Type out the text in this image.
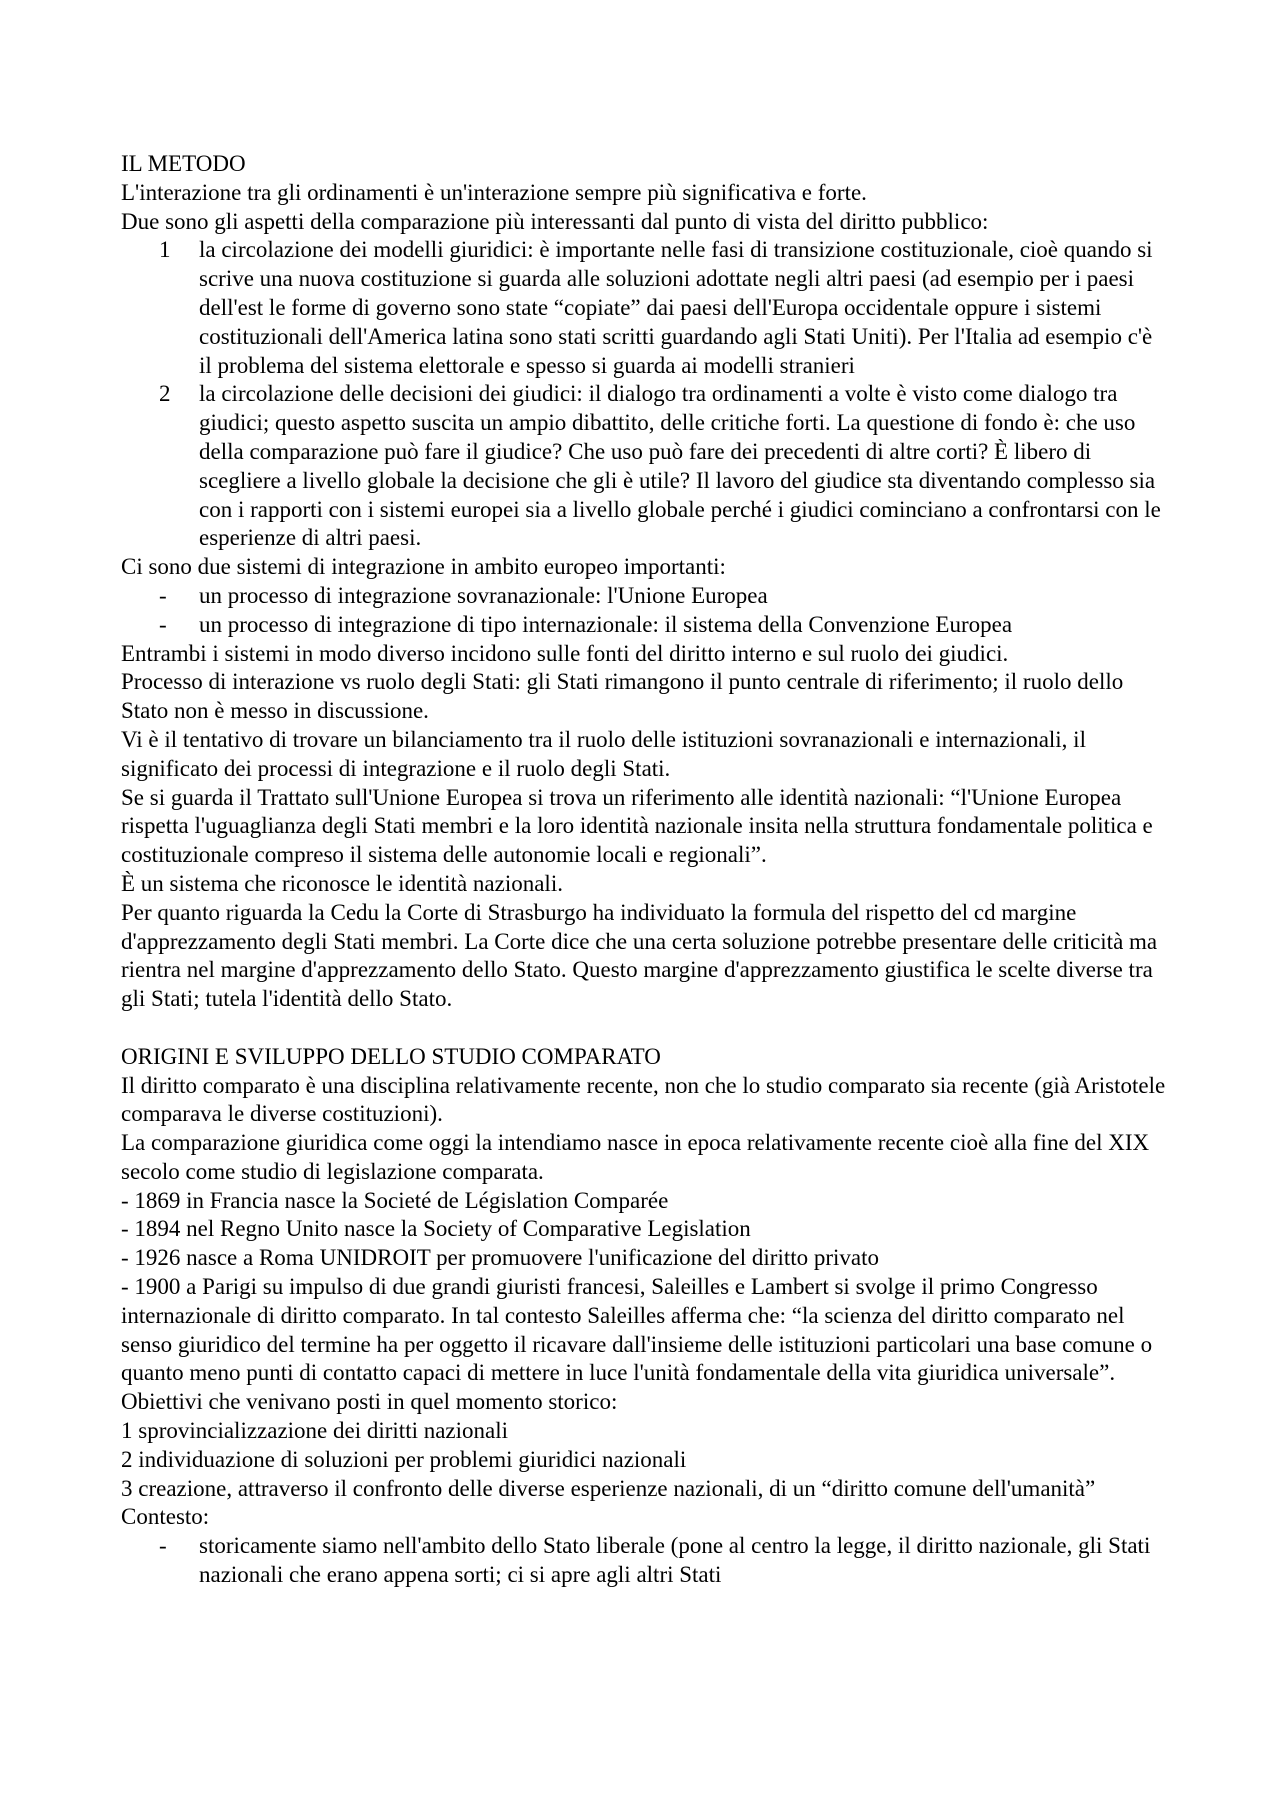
IL METODO

L'interazione tra gli ordinamenti è un'interazione sempre più significativa e forte.

Due sono gli aspetti della comparazione più interessanti dal punto di vista del diritto pubblico:

1 la circolazione dei modelli giuridici: è importante nelle fasi di transizione costituzionale, cioè quando si scrive una nuova costituzione si guarda alle soluzioni adottate negli altri paesi (ad esempio per i paesi dell'est le forme di governo sono state “copiate” dai paesi dell'Europa occidentale oppure i sistemi costituzionali dell'America latina sono stati scritti guardando agli Stati Uniti). Per l'Italia ad esempio c'è il problema del sistema elettorale e spesso si guarda ai modelli stranieri
2 la circolazione delle decisioni dei giudici: il dialogo tra ordinamenti a volte è visto come dialogo tra giudici; questo aspetto suscita un ampio dibattito, delle critiche forti. La questione di fondo è: che uso della comparazione può fare il giudice? Che uso può fare dei precedenti di altre corti? È libero di scegliere a livello globale la decisione che gli è utile? Il lavoro del giudice sta diventando complesso sia con i rapporti con i sistemi europei sia a livello globale perché i giudici cominciano a confrontarsi con le esperienze di altri paesi.

Ci sono due sistemi di integrazione in ambito europeo importanti:

- un processo di integrazione sovranazionale: l'Unione Europea
- un processo di integrazione di tipo internazionale: il sistema della Convenzione Europea

Entrambi i sistemi in modo diverso incidono sulle fonti del diritto interno e sul ruolo dei giudici.

Processo di interazione vs ruolo degli Stati: gli Stati rimangono il punto centrale di riferimento; il ruolo dello Stato non è messo in discussione.

Vi è il tentativo di trovare un bilanciamento tra il ruolo delle istituzioni sovranazionali e internazionali, il significato dei processi di integrazione e il ruolo degli Stati.

Se si guarda il Trattato sull'Unione Europea si trova un riferimento alle identità nazionali: “l'Unione Europea rispetta l'uguaglianza degli Stati membri e la loro identità nazionale insita nella struttura fondamentale politica e costituzionale compreso il sistema delle autonomie locali e regionali”.

È un sistema che riconosce le identità nazionali.

Per quanto riguarda la Cedu la Corte di Strasburgo ha individuato la formula del rispetto del cd margine d'apprezzamento degli Stati membri. La Corte dice che una certa soluzione potrebbe presentare delle criticità ma rientra nel margine d'apprezzamento dello Stato. Questo margine d'apprezzamento giustifica le scelte diverse tra gli Stati; tutela l'identità dello Stato.

ORIGINI E SVILUPPO DELLO STUDIO COMPARATO

Il diritto comparato è una disciplina relativamente recente, non che lo studio comparato sia recente (già Aristotele comparava le diverse costituzioni).

La comparazione giuridica come oggi la intendiamo nasce in epoca relativamente recente cioè alla fine del XIX secolo come studio di legislazione comparata.

- 1869 in Francia nasce la Societé de Législation Comparée

- 1894 nel Regno Unito nasce la Society of Comparative Legislation

- 1926 nasce a Roma UNIDROIT per promuovere l'unificazione del diritto privato

- 1900 a Parigi su impulso di due grandi giuristi francesi, Saleilles e Lambert si svolge il primo Congresso internazionale di diritto comparato. In tal contesto Saleilles afferma che: “la scienza del diritto comparato nel senso giuridico del termine ha per oggetto il ricavare dall'insieme delle istituzioni particolari una base comune o quanto meno punti di contatto capaci di mettere in luce l'unità fondamentale della vita giuridica universale”.

Obiettivi che venivano posti in quel momento storico:

1 sprovincializzazione dei diritti nazionali

2 individuazione di soluzioni per problemi giuridici nazionali

3 creazione, attraverso il confronto delle diverse esperienze nazionali, di un “diritto comune dell'umanità”

Contesto:

- storicamente siamo nell'ambito dello Stato liberale (pone al centro la legge, il diritto nazionale, gli Stati nazionali che erano appena sorti; ci si apre agli altri Stati
